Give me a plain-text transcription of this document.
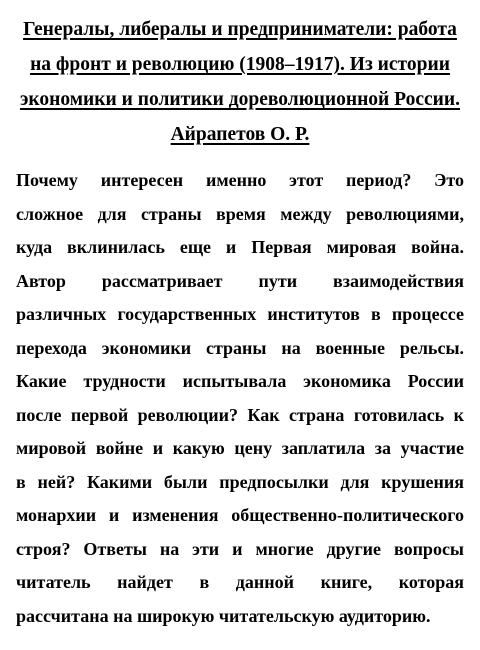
Генералы, либералы и предприниматели: работа на фронт и революцию (1908–1917). Из истории экономики и политики дореволюционной России. Айрапетов О. Р.
Почему интересен именно этот период? Это
сложное для страны время между революциями,
куда вклинилась еще и Первая мировая война.
Автор рассматривает пути взаимодействия
различных государственных институтов в процессе
перехода экономики страны на военные рельсы.
Какие трудности испытывала экономика России
после первой революции? Как страна готовилась к
мировой войне и какую цену заплатила за участие
в ней? Какими были предпосылки для крушения
монархии и изменения общественно-политического
строя? Ответы на эти и многие другие вопросы
читатель найдет в данной книге, которая
рассчитана на широкую читательскую аудиторию.
